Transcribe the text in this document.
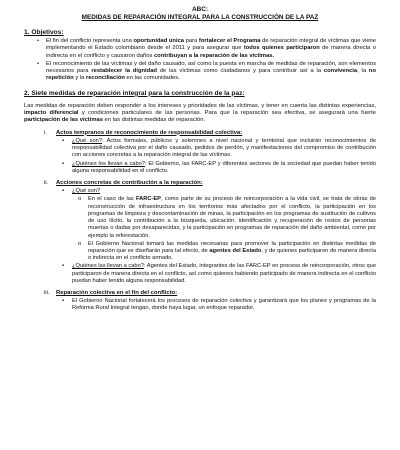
ABC:
MEDIDAS DE REPARACIÓN INTEGRAL PARA LA CONSTRUCCIÓN DE LA PAZ
1. Objetivos:
• El fin del conflicto representa una oportunidad única para fortalecer el Programa de reparación integral de víctimas que viene implementando el Estado colombiano desde el 2011 y para asegurar que todos quienes participaron de manera directa o indirecta en el conflicto y causaron daños contribuyan a la reparación de las víctimas.
• El reconocimiento de las víctimas y del daño causado, así como la puesta en marcha de medidas de reparación, son elementos necesarios para restablecer la dignidad de las víctimas como ciudadanos y para contribuir así a la convivencia, la no repetición y la reconciliación en las comunidades.
2. Siete medidas de reparación integral para la construcción de la paz:
Las medidas de reparación deben responder a los intereses y prioridades de las víctimas, y tener en cuenta las distintas experiencias, impacto diferencial y condiciones particulares de las personas. Para que la reparación sea efectiva, se asegurará una fuerte participación de las víctimas en las distintas medidas de reparación.
i. Actos tempranos de reconocimiento de responsabilidad colectiva:
▪ ¿Qué son?: Actos formales, públicos y solemnes a nivel nacional y territorial que incluirán reconocimientos de responsabilidad colectiva por el daño causado, pedidos de perdón, y manifestaciones del compromiso de contribución con acciones concretas a la reparación integral de las víctimas.
▪ ¿Quiénes los llevan a cabo?: El Gobierno, las FARC-EP y diferentes sectores de la sociedad que puedan haber tenido alguna responsabilidad en el conflicto.
ii. Acciones concretas de contribución a la reparación:
▪ ¿Qué son?
o En el caso de las FARC-EP, como parte de su proceso de reincorporación a la vida civil, se trata de obras de reconstrucción de infraestructura en los territorios más afectados por el conflicto, la participación en los programas de limpieza y descontaminación de minas, la participación en los programas de sustitución de cultivos de uso ilícito, la contribución a la búsqueda, ubicación, identificación y recuperación de restos de personas muertas o dadas por desaparecidas, y la participación en programas de reparación del daño ambiental, como por ejemplo la reforestación.
o El Gobierno Nacional tomará las medidas necesarias para promover la participación en distintas medidas de reparación que se diseñarán para tal efecto, de agentes del Estado, y de quienes participaron de manera directa o indirecta en el conflicto armado.
▪ ¿Quiénes las llevan a cabo?: Agentes del Estado, integrantes de las FARC-EP en proceso de reincorporación, otros que participaron de manera directa en el conflicto, así como quienes habiendo participado de manera indirecta en el conflicto puedan haber tenido alguna responsabilidad.
iii. Reparación colectiva en el fin del conflicto:
▪ El Gobierno Nacional fortalecerá los procesos de reparación colectiva y garantizará que los planes y programas de la Reforma Rural Integral tengan, donde haya lugar, un enfoque reparador.
